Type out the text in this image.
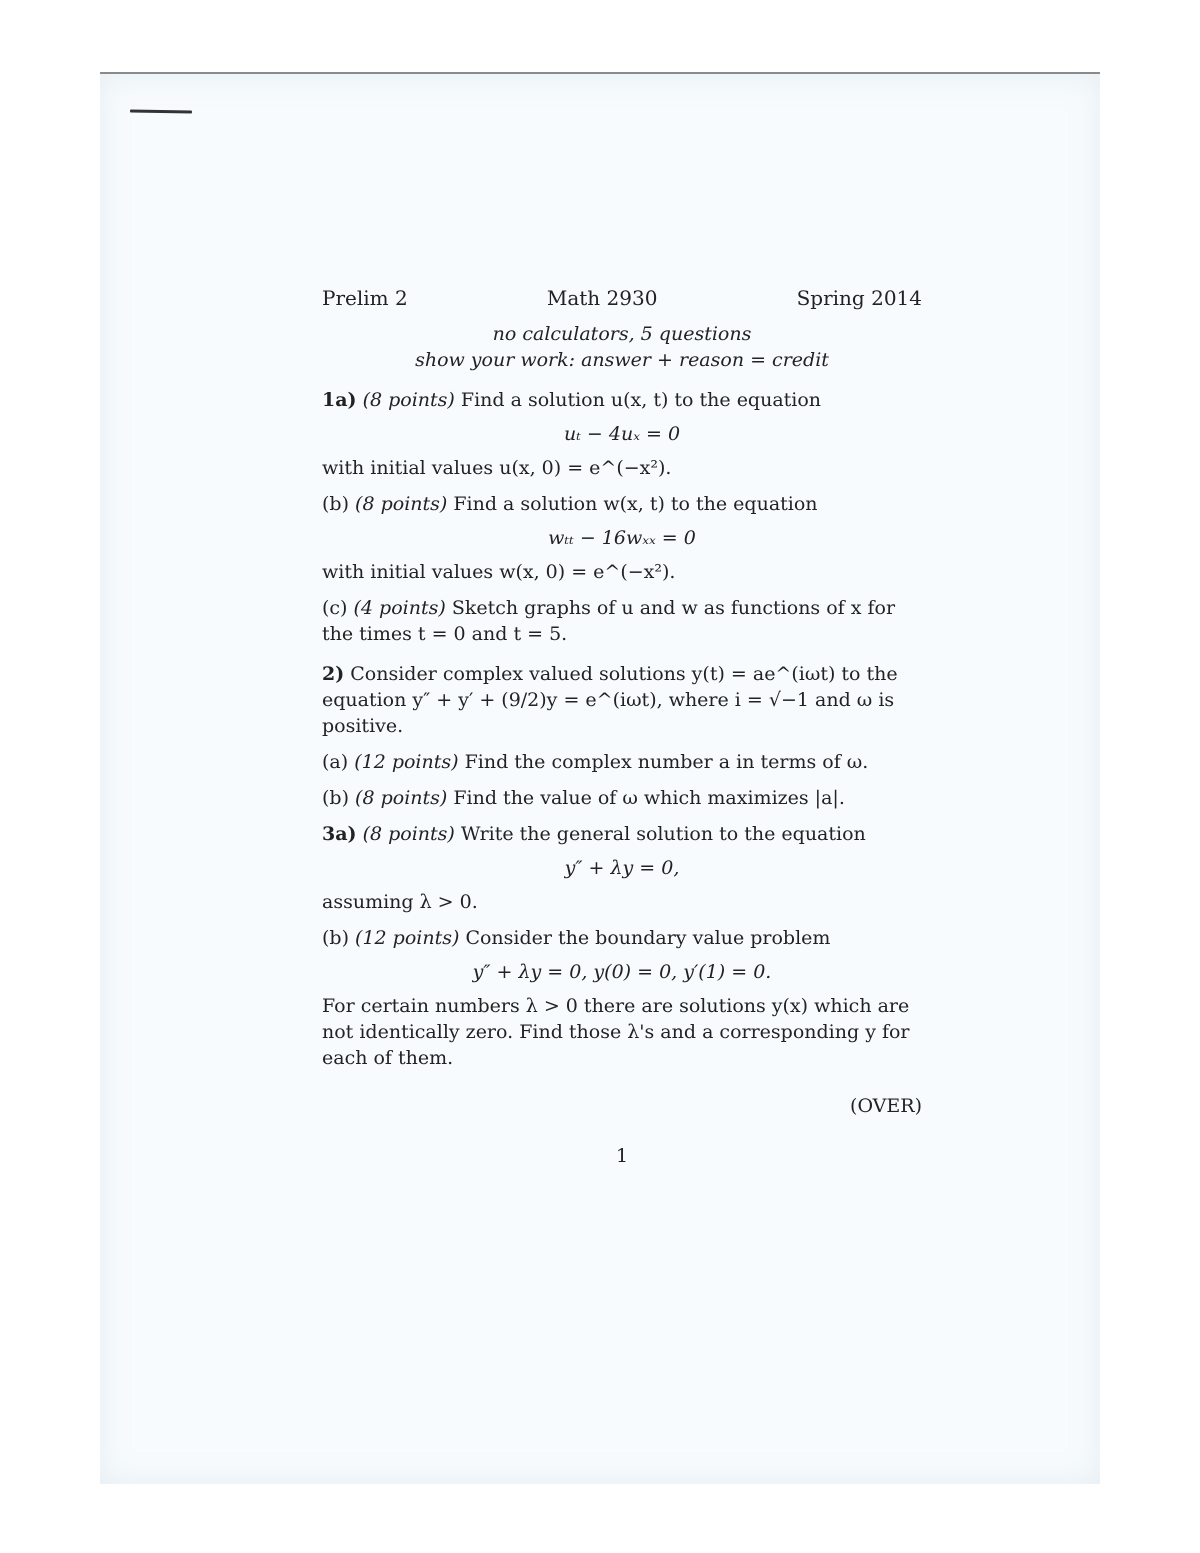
Prelim 2	Math 2930	Spring 2014

no calculators, 5 questions

show your work: answer + reason = credit

1a) (8 points) Find a solution u(x, t) to the equation

uₜ − 4uₓ = 0

with initial values u(x, 0) = e^(−x²).

(b) (8 points) Find a solution w(x, t) to the equation

wₜₜ − 16wₓₓ = 0

with initial values w(x, 0) = e^(−x²).

(c) (4 points) Sketch graphs of u and w as functions of x for the times t = 0 and t = 5.

2) Consider complex valued solutions y(t) = ae^(iωt) to the equation y″ + y′ + (9/2)y = e^(iωt), where i = √−1 and ω is positive.

(a) (12 points) Find the complex number a in terms of ω.

(b) (8 points) Find the value of ω which maximizes |a|.

3a) (8 points) Write the general solution to the equation

y″ + λy = 0,

assuming λ > 0.

(b) (12 points) Consider the boundary value problem

y″ + λy = 0, y(0) = 0, y′(1) = 0.

For certain numbers λ > 0 there are solutions y(x) which are not identically zero. Find those λ's and a corresponding y for each of them.

(OVER)

1
